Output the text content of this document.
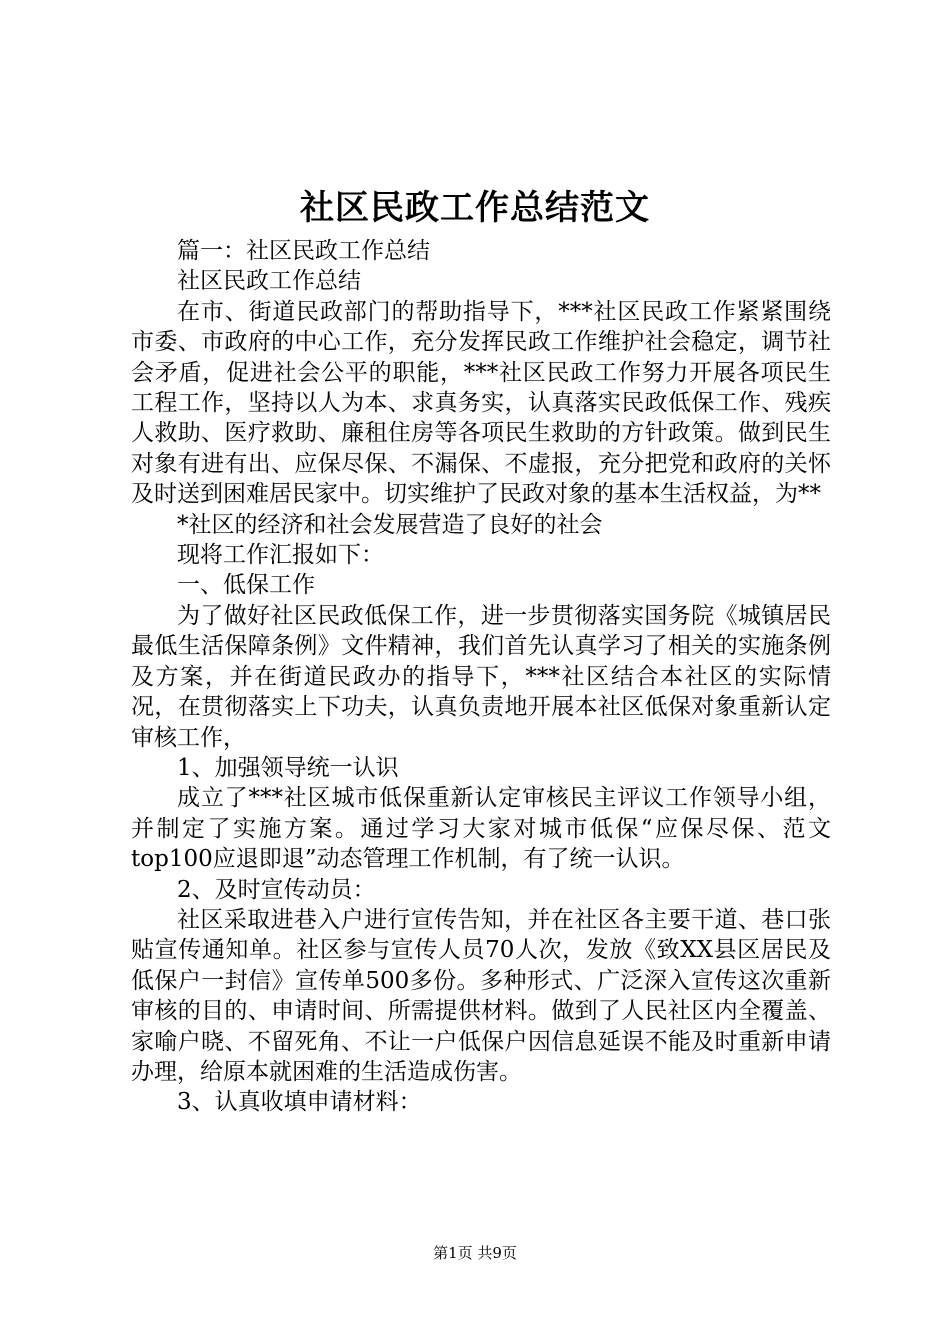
社区民政工作总结范文

篇一：社区民政工作总结

社区民政工作总结

在市、街道民政部门的帮助指导下，***社区民政工作紧紧围绕市委、市政府的中心工作，充分发挥民政工作维护社会稳定，调节社会矛盾，促进社会公平的职能，***社区民政工作努力开展各项民生工程工作，坚持以人为本、求真务实，认真落实民政低保工作、残疾人救助、医疗救助、廉租住房等各项民生救助的方针政策。做到民生对象有进有出、应保尽保、不漏保、不虚报，充分把党和政府的关怀及时送到困难居民家中。切实维护了民政对象的基本生活权益，为**

*社区的经济和社会发展营造了良好的社会

现将工作汇报如下：

一、低保工作

为了做好社区民政低保工作，进一步贯彻落实国务院《城镇居民最低生活保障条例》文件精神，我们首先认真学习了相关的实施条例及方案，并在街道民政办的指导下，***社区结合本社区的实际情况，在贯彻落实上下功夫，认真负责地开展本社区低保对象重新认定审核工作，

1、加强领导统一认识

成立了***社区城市低保重新认定审核民主评议工作领导小组，并制定了实施方案。通过学习大家对城市低保“应保尽保、范文top100应退即退”动态管理工作机制，有了统一认识。

2、及时宣传动员：

社区采取进巷入户进行宣传告知，并在社区各主要干道、巷口张贴宣传通知单。社区参与宣传人员70人次，发放《致XX县区居民及低保户一封信》宣传单500多份。多种形式、广泛深入宣传这次重新审核的目的、申请时间、所需提供材料。做到了人民社区内全覆盖、家喻户晓、不留死角、不让一户低保户因信息延误不能及时重新申请办理，给原本就困难的生活造成伤害。

3、认真收填申请材料：

第1页 共9页
